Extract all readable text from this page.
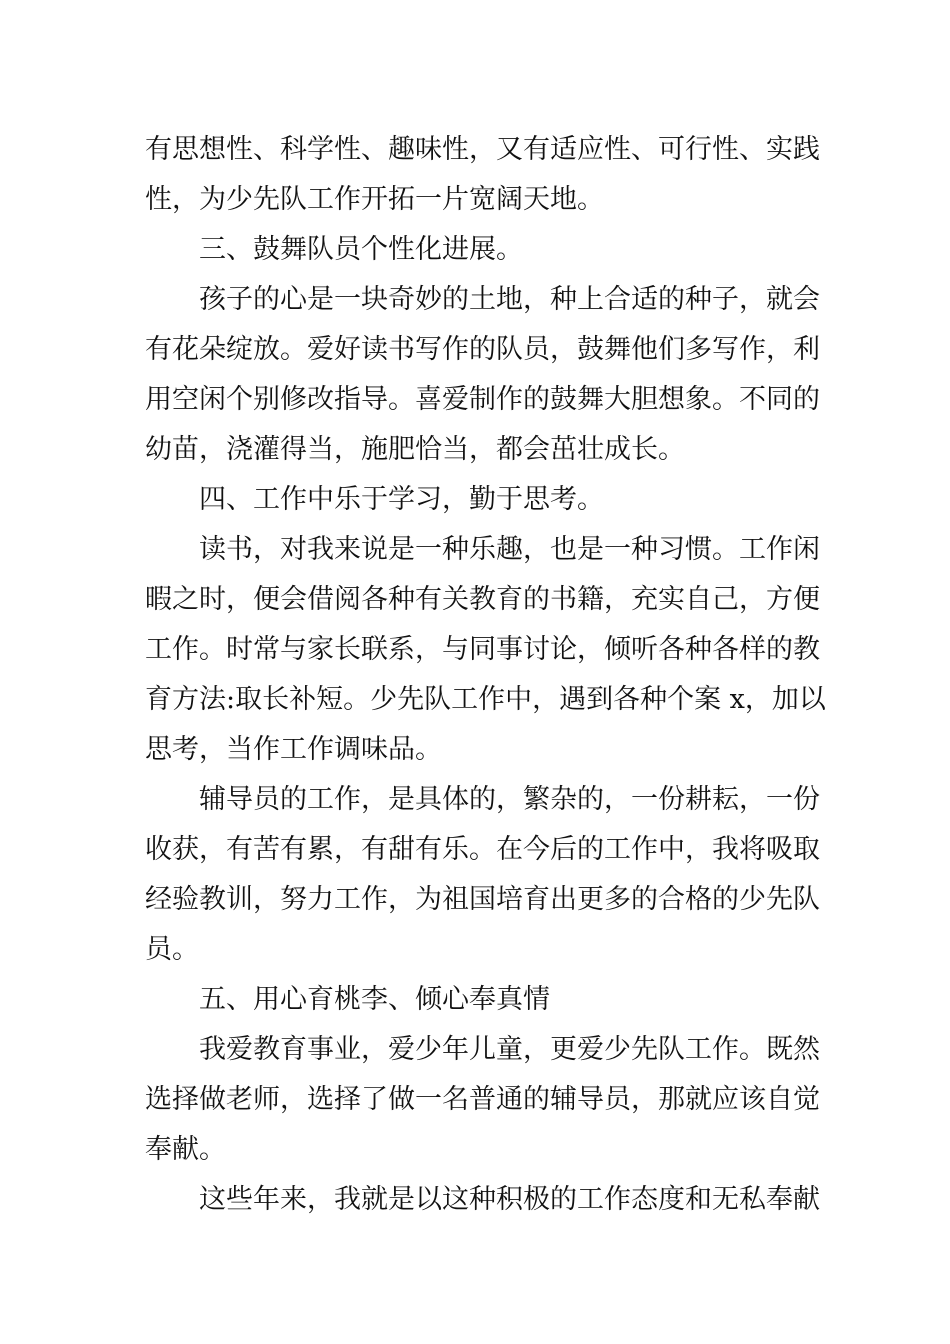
有思想性、科学性、趣味性，又有适应性、可行性、实践

性，为少先队工作开拓一片宽阔天地。

三、鼓舞队员个性化进展。

孩子的心是一块奇妙的土地，种上合适的种子，就会

有花朵绽放。爱好读书写作的队员，鼓舞他们多写作，利

用空闲个别修改指导。喜爱制作的鼓舞大胆想象。不同的

幼苗，浇灌得当，施肥恰当，都会茁壮成长。

四、工作中乐于学习，勤于思考。

读书，对我来说是一种乐趣，也是一种习惯。工作闲

暇之时，便会借阅各种有关教育的书籍，充实自己，方便

工作。时常与家长联系，与同事讨论，倾听各种各样的教

育方法:取长补短。少先队工作中，遇到各种个案 x，加以

思考，当作工作调味品。

辅导员的工作，是具体的，繁杂的，一份耕耘，一份

收获，有苦有累，有甜有乐。在今后的工作中，我将吸取

经验教训，努力工作，为祖国培育出更多的合格的少先队

员。

五、用心育桃李、倾心奉真情

我爱教育事业，爱少年儿童，更爱少先队工作。既然

选择做老师，选择了做一名普通的辅导员，那就应该自觉

奉献。

这些年来，我就是以这种积极的工作态度和无私奉献
